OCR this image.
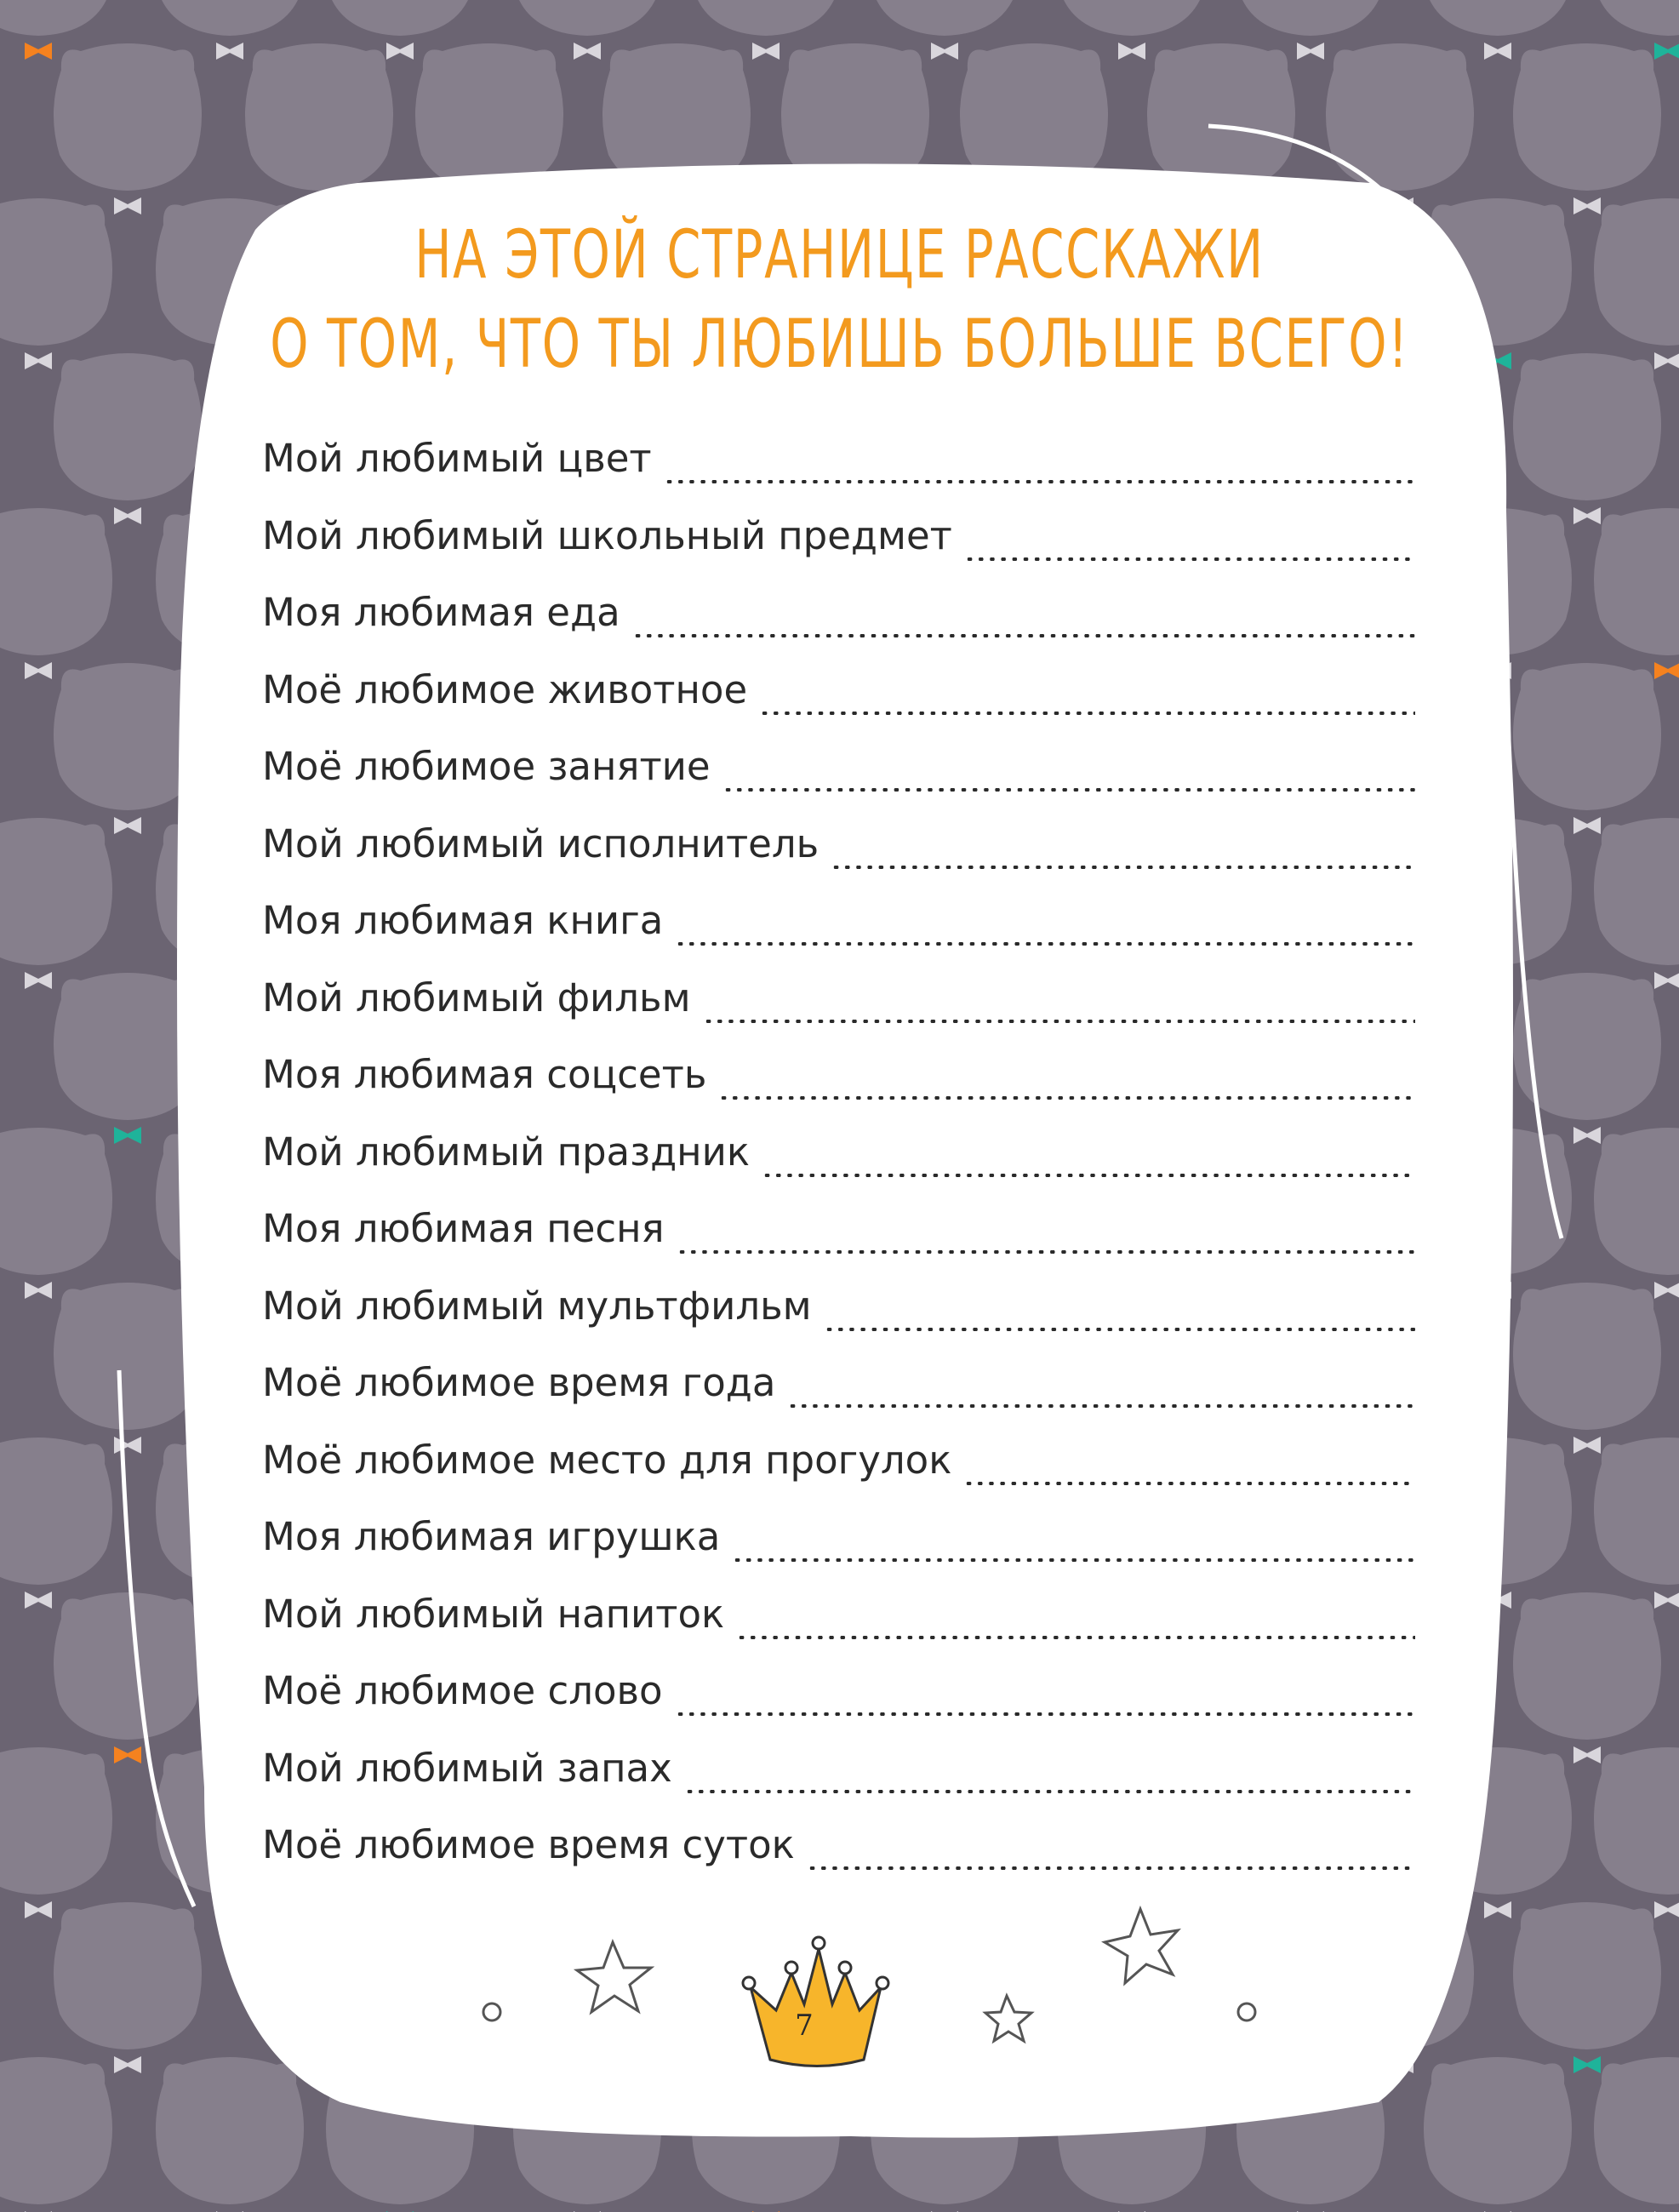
НА ЭТОЙ СТРАНИЦЕ РАССКАЖИ
О ТОМ, ЧТО ТЫ ЛЮБИШЬ БОЛЬШЕ ВСЕГО!
Мой любимый цвет
Мой любимый школьный предмет
Моя любимая еда
Моё любимое животное
Моё любимое занятие
Мой любимый исполнитель
Моя любимая книга
Мой любимый фильм
Моя любимая соцсеть
Мой любимый праздник
Моя любимая песня
Мой любимый мультфильм
Моё любимое время года
Моё любимое место для прогулок
Моя любимая игрушка
Мой любимый напиток
Моё любимое слово
Мой любимый запах
Моё любимое время суток
7
